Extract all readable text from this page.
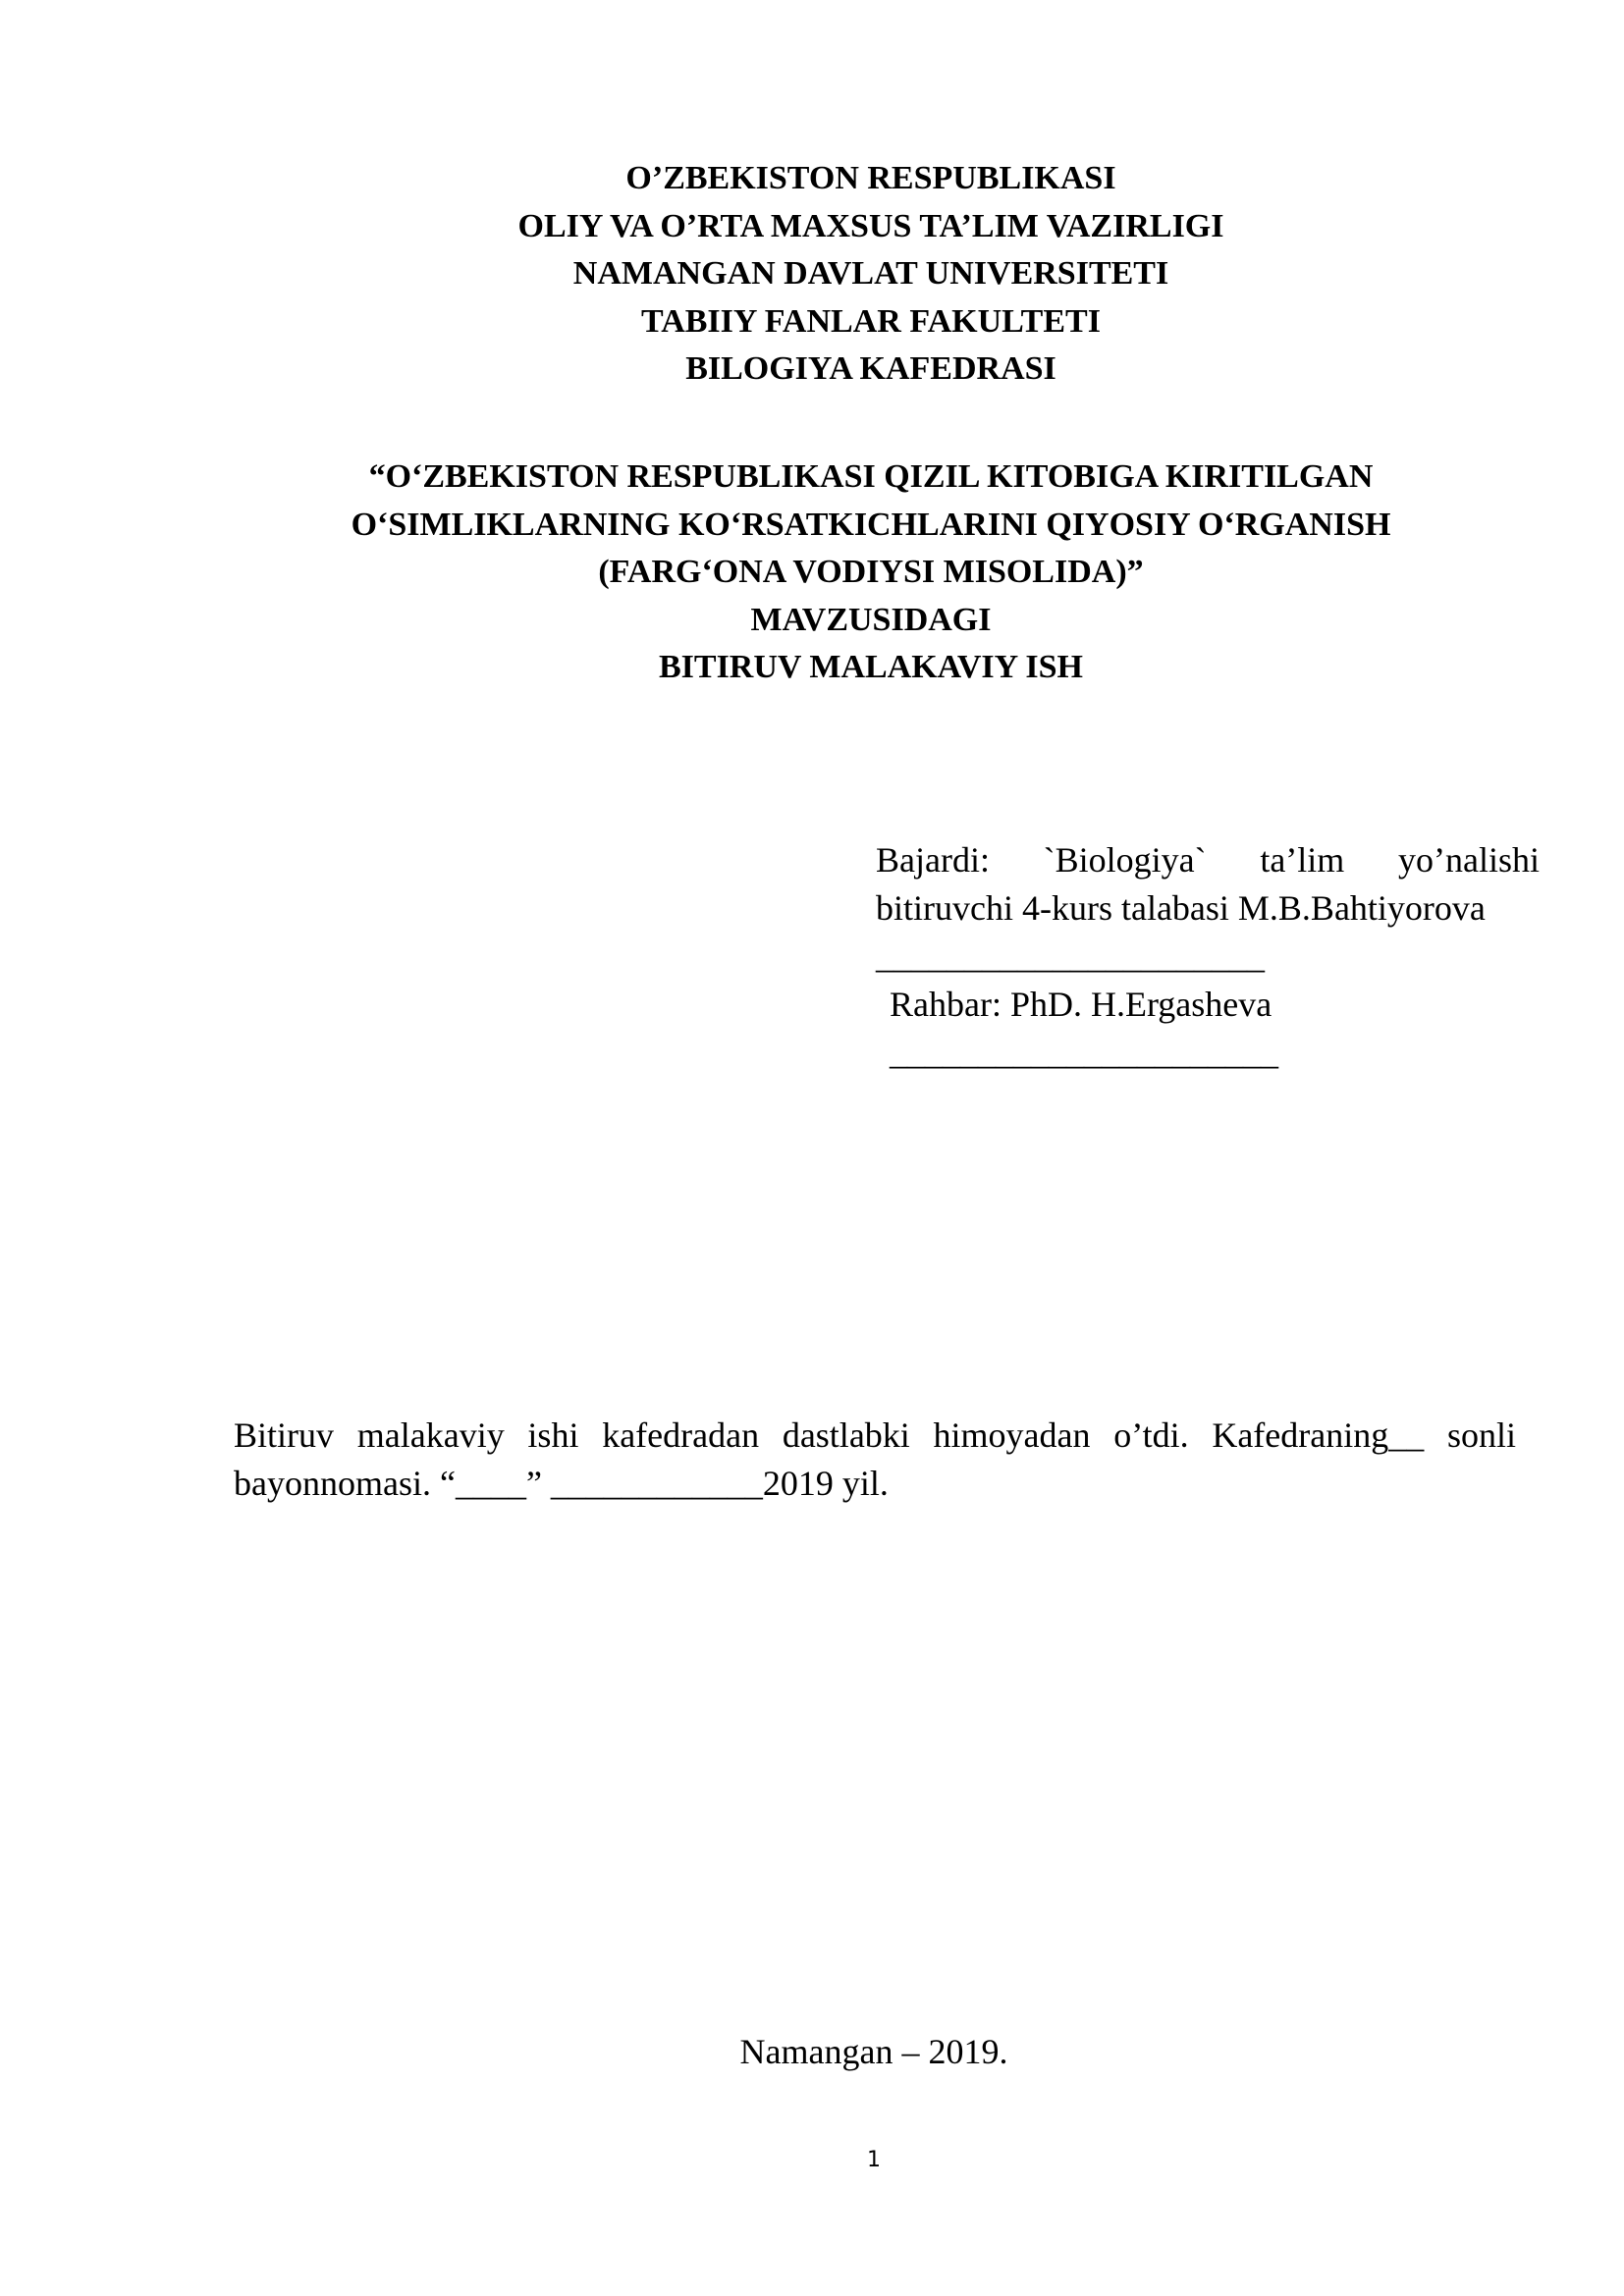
O’ZBEKISTON RESPUBLIKASI
OLIY VA O’RTA MAXSUS TA’LIM VAZIRLIGI
NAMANGAN DAVLAT UNIVERSITETI
TABIIY FANLAR FAKULTETI
BILOGIYA KAFEDRASI
“O‘ZBEKISTON RESPUBLIKASI QIZIL KITOBIGA KIRITILGAN
O‘SIMLIKLARNING KO‘RSATKICHLARINI QIYOSIY O‘RGANISH
(FARG‘ONA VODIYSI MISOLIDA)”
MAVZUSIDAGI
BITIRUV MALAKAVIY ISH
Bajardi: `Biologiya` ta’lim yo’nalishi
bitiruvchi 4-kurs talabasi M.B.Bahtiyorova
______________________
Rahbar: PhD. H.Ergasheva
______________________
Bitiruv malakaviy ishi kafedradan dastlabki himoyadan o’tdi. Kafedraning__ sonli
bayonnomasi. “____” ____________2019 yil.
Namangan – 2019.
1
